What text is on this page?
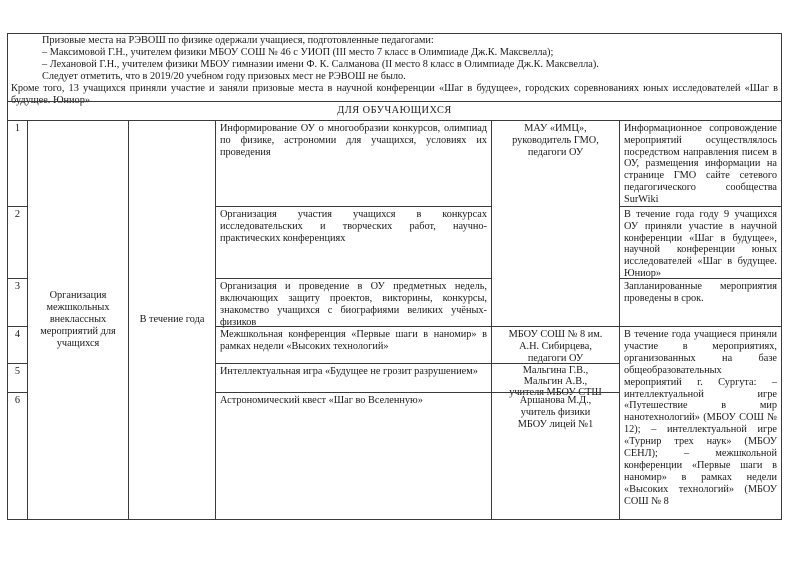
Призовые места на РЭВОШ по физике одержали учащиеся, подготовленные педагогами:

– Максимовой Г.Н., учителем физики МБОУ СОШ № 46 с УИОП (III место 7 класс в Олимпиаде Дж.К. Максвелла);

– Лехановой Г.Н., учителем физики МБОУ гимназии имени Ф. К. Салманова (II место 8 класс в Олимпиаде Дж.К. Максвелла).

Следует отметить, что в 2019/20 учебном году призовых мест не РЭВОШ не было.

Кроме того, 13 учащихся приняли участие и заняли призовые места в научной конференции «Шаг в будущее», городских соревнованиях юных исследователей «Шаг в будущее. Юниор»

ДЛЯ ОБУЧАЮЩИХСЯ
1
2
3
4
5
6
Организация межшкольных внеклассных мероприятий для учащихся
В течение года
Информирование ОУ о многообразии конкурсов, олимпиад по физике, астрономии для учащихся, условиях их проведения
Организация участия учащихся в конкурсах исследовательских и творческих работ, научно-практических конференциях
Организация и проведение в ОУ предметных недель, включающих защиту проектов, викторины, конкурсы, знакомство учащихся с биографиями великих учёных-физиков
Межшкольная конференция «Первые шаги в наномир» в рамках недели «Высоких технологий»
Интеллектуальная игра «Будущее не грозит разрушением»
Астрономический квест «Шаг во Вселенную»
МАУ «ИМЦ», руководитель ГМО, педагоги ОУ
МБОУ СОШ № 8 им. А.Н. Сибирцева, педагоги ОУ
Мальгина Г.В., Мальгин А.В., учителя МБОУ СТШ
Аршанова М.Д., учитель физики МБОУ лицей №1
Информационное сопровождение мероприятий осуществлялось посредством направления писем в ОУ, размещения информации на странице ГМО сайте сетевого педагогического сообщества SurWiki
В течение года году 9 учащихся ОУ приняли участие в научной конференции «Шаг в будущее», научной конференции юных исследователей «Шаг в будущее. Юниор»
Запланированные мероприятия проведены в срок.
В течение года учащиеся приняли участие в мероприятиях, организованных на базе общеобразовательных мероприятий г. Сургута: –интеллектуальной игре «Путешествие в мир нанотехнологий» (МБОУ СОШ № 12); – интеллектуальной игре «Турнир трех наук» (МБОУ СЕНЛ); – межшкольной конференции «Первые шаги в наномир» в рамках недели «Высоких технологий» (МБОУ СОШ № 8
